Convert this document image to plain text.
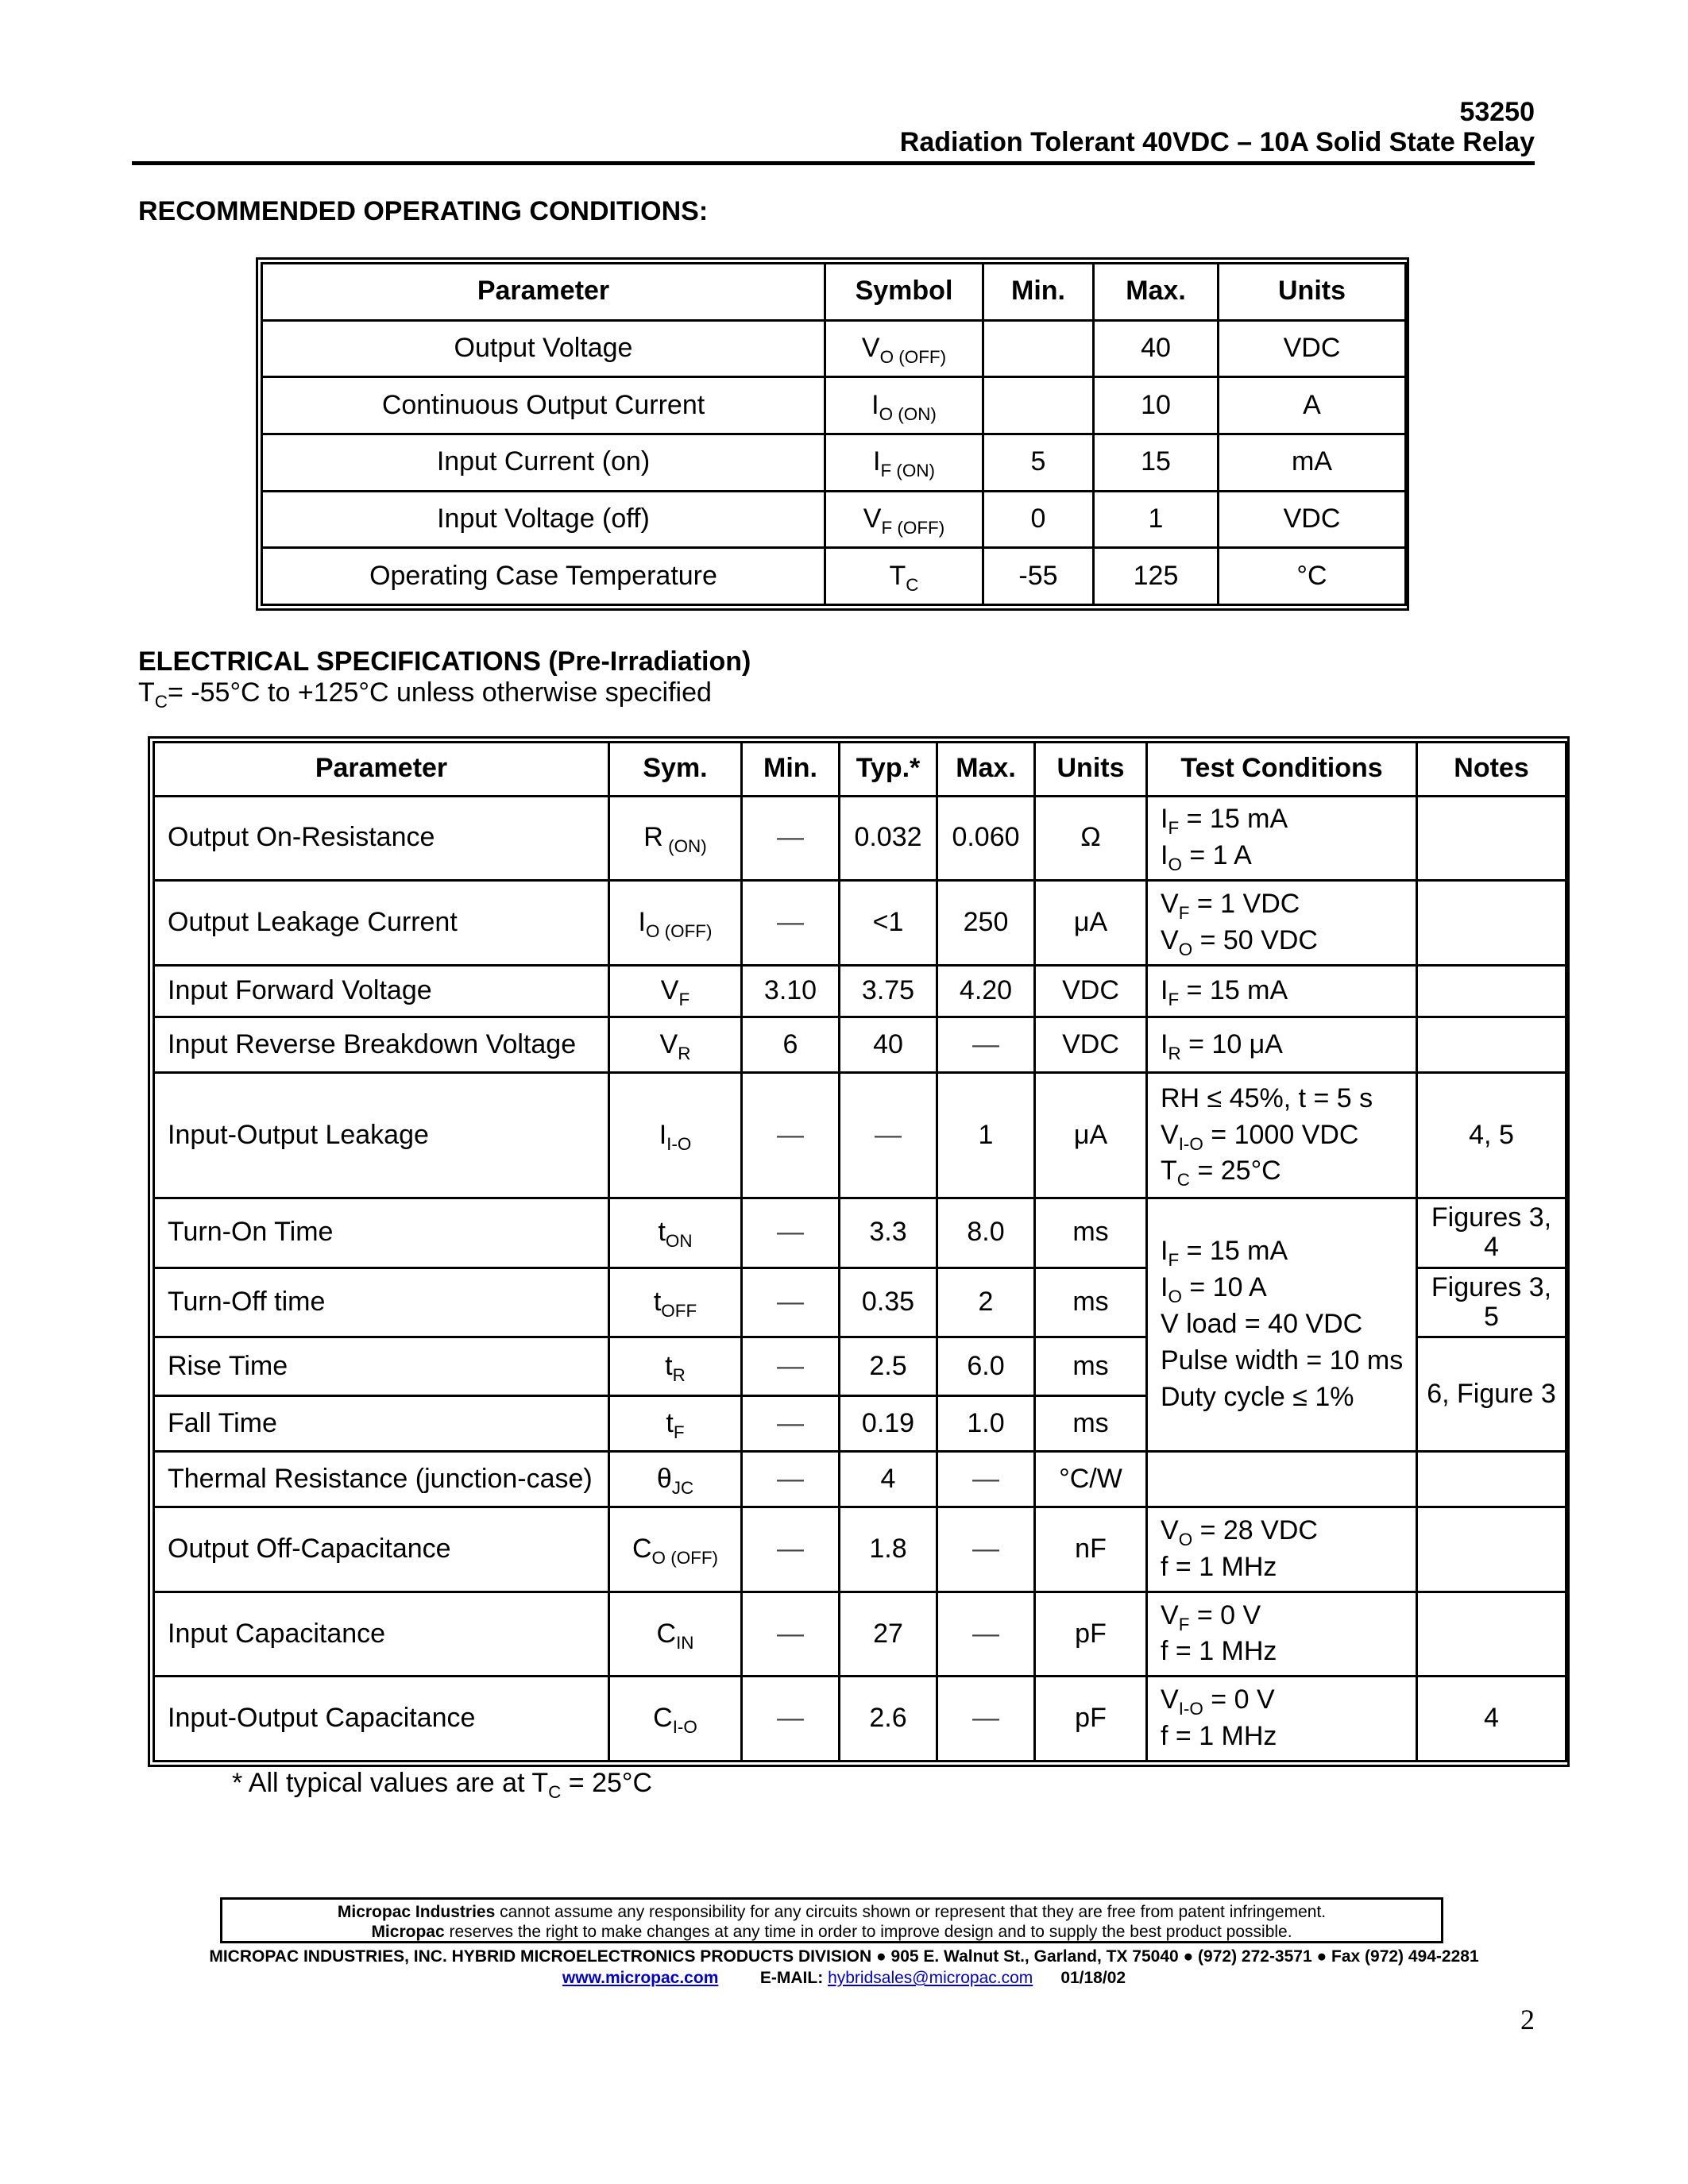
53250
Radiation Tolerant 40VDC – 10A Solid State Relay
RECOMMENDED OPERATING CONDITIONS:
Parameter	Symbol	Min.	Max.	Units
Output Voltage	$V_{O (OFF)}$		40	VDC
Continuous Output Current	$I_{O (ON)}$		10	A
Input Current (on)	$I_{F (ON)}$	5	15	mA
Input Voltage (off)	$V_{F (OFF)}$	0	1	VDC
Operating Case Temperature	$T_C$	-55	125	°C
ELECTRICAL SPECIFICATIONS (Pre-Irradiation)
$T_C= -55^\circ C$ to +125°C unless otherwise specified
Parameter	Sym.	Min.	Typ.*	Max.	Units	Test Conditions	Notes
Output On-Resistance	R $_{(ON)}$	—	0.032	0.060	Ω	$I_F = 15$ mA
$I_O = 1$ A	

Output Leakage Current	$I_{O (OFF)}$	—	<1	250	μA	$V_F = 1$ VDC
$V_O = 50$ VDC	

Input Forward Voltage	$V_F$	3.10	3.75	4.20	VDC	$I_F = 15$ mA	

Input Reverse Breakdown Voltage	$V_R$	6	40	—	VDC	$I_R = 10$ μA	

Input-Output Leakage	$I_{I-O}$	—	—	1	μA	RH ≤ 45%, t = 5 s
$V_{I-O} = 1000$ VDC
$T_C = 25^\circ C$	4, 5
Turn-On Time	$t_{ON}$	—	3.3	8.0	ms	$I_F = 15$ mA
$I_O = 10$ A
V load = 40 VDC
Pulse width = 10 ms
Duty cycle ≤ 1%	Figures 3, 4
Turn-Off time	$t_{OFF}$	—	0.35	2	ms		Figures 3, 5
Rise Time	$t_R$	—	2.5	6.0	ms		6, Figure 3
Fall Time	$t_F$	—	0.19	1.0	ms		
Thermal Resistance (junction-case)	$\theta_{JC}$	—	4	—	°C/W		
Output Off-Capacitance	$C_{O (OFF)}$	—	1.8	—	nF	$V_O = 28$ VDC
f = 1 MHz	

Input Capacitance	$C_{IN}$	—	27	—	pF	$V_F = 0$ V
f = 1 MHz	

Input-Output Capacitance	$C_{I-O}$	—	2.6	—	pF	$V_{I-O} = 0$ V
f = 1 MHz	4
* All typical values are at $T_C = 25^\circ C$
Micropac Industries cannot assume any responsibility for any circuits shown or represent that they are free from patent infringement.
Micropac reserves the right to make changes at any time in order to improve design and to supply the best product possible.
MICROPAC INDUSTRIES, INC. HYBRID MICROELECTRONICS PRODUCTS DIVISION ● 905 E. Walnut St., Garland, TX 75040 ● (972) 272-3571 ● Fax (972) 494-2281
www.micropac.com	E-MAIL: hybridsales@micropac.com 01/18/02
2
